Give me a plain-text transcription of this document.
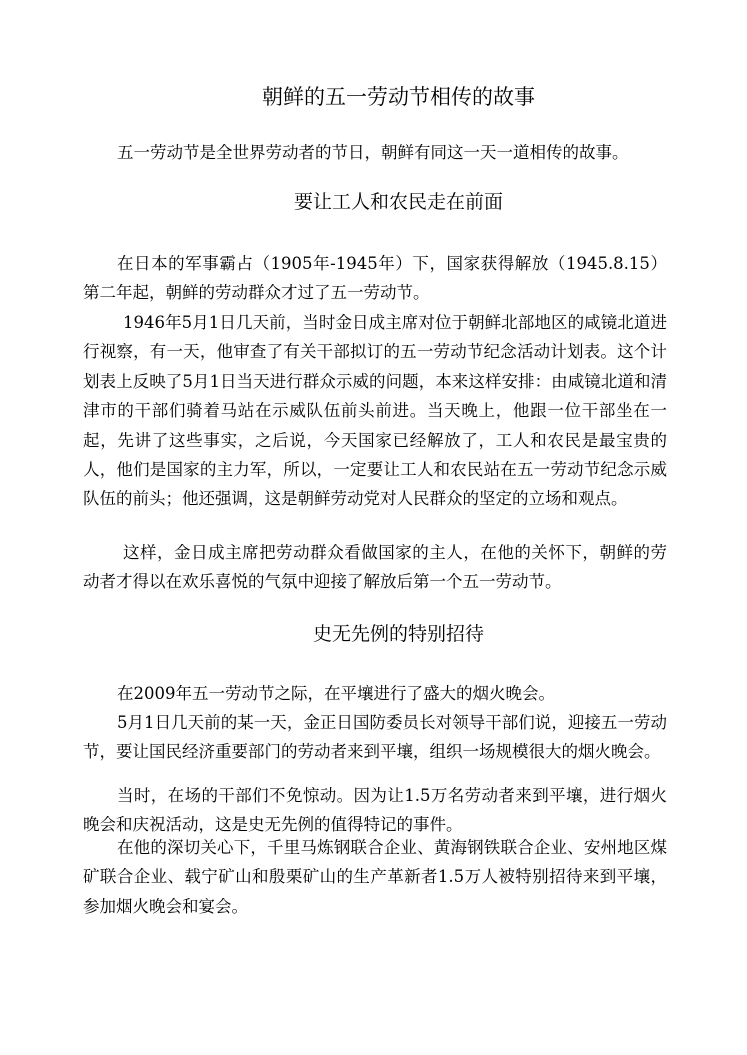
朝鲜的五一劳动节相传的故事

五一劳动节是全世界劳动者的节日，朝鲜有同这一天一道相传的故事。

要让工人和农民走在前面

在日本的军事霸占（1905年-1945年）下，国家获得解放（1945.8.15）第二年起，朝鲜的劳动群众才过了五一劳动节。

1946年5月1日几天前，当时金日成主席对位于朝鲜北部地区的咸镜北道进行视察，有一天，他审查了有关干部拟订的五一劳动节纪念活动计划表。这个计划表上反映了5月1日当天进行群众示威的问题，本来这样安排：由咸镜北道和清津市的干部们骑着马站在示威队伍前头前进。当天晚上，他跟一位干部坐在一起，先讲了这些事实，之后说，今天国家已经解放了，工人和农民是最宝贵的人，他们是国家的主力军，所以，一定要让工人和农民站在五一劳动节纪念示威队伍的前头；他还强调，这是朝鲜劳动党对人民群众的坚定的立场和观点。

这样，金日成主席把劳动群众看做国家的主人，在他的关怀下，朝鲜的劳动者才得以在欢乐喜悦的气氛中迎接了解放后第一个五一劳动节。

史无先例的特别招待

在2009年五一劳动节之际，在平壤进行了盛大的烟火晚会。

5月1日几天前的某一天，金正日国防委员长对领导干部们说，迎接五一劳动节，要让国民经济重要部门的劳动者来到平壤，组织一场规模很大的烟火晚会。

当时，在场的干部们不免惊动。因为让1.5万名劳动者来到平壤，进行烟火晚会和庆祝活动，这是史无先例的值得特记的事件。

在他的深切关心下，千里马炼钢联合企业、黄海钢铁联合企业、安州地区煤矿联合企业、载宁矿山和殷栗矿山的生产革新者1.5万人被特别招待来到平壤，参加烟火晚会和宴会。
